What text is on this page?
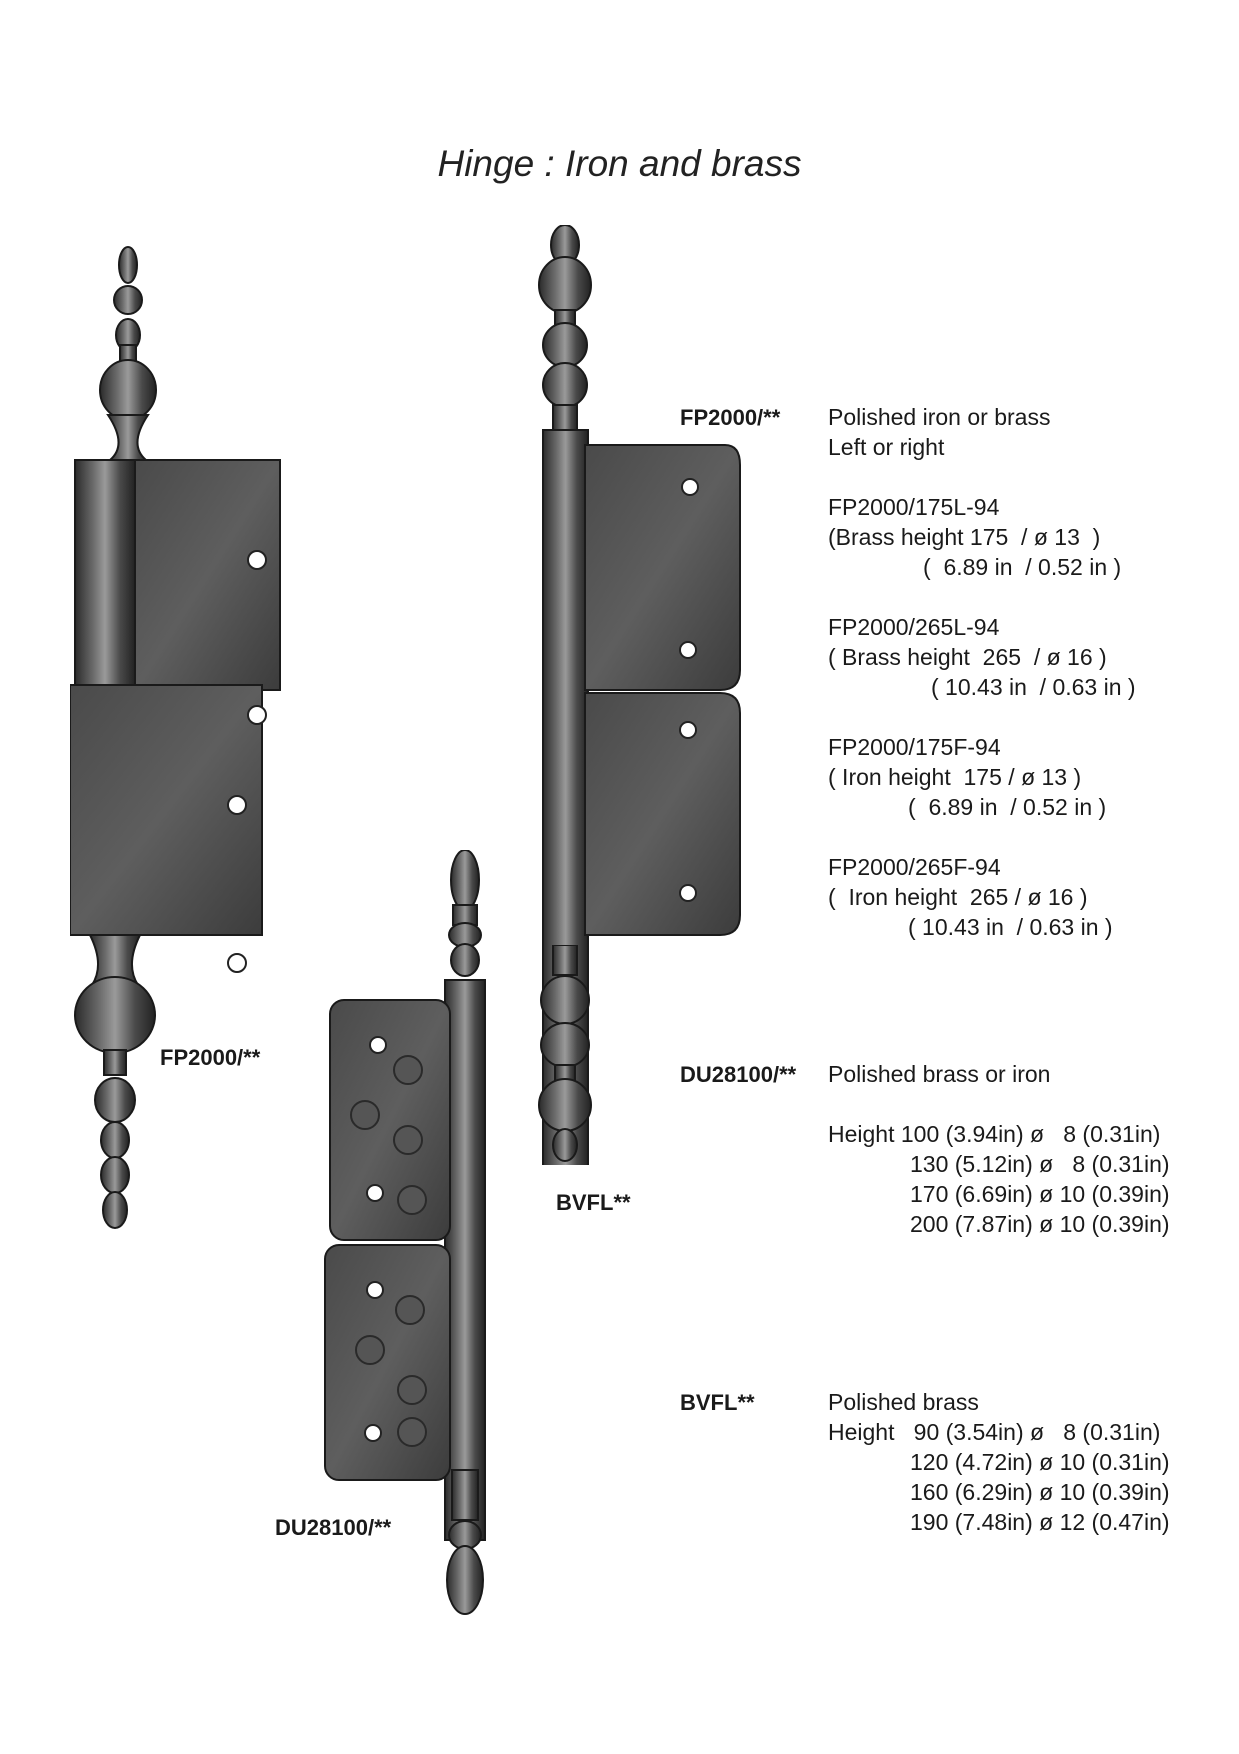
Hinge : Iron and brass
FP2000/**
DU28100/**
BVFL**
FP2000/** Polished iron or brass
Left or right
FP2000/175L-94
(Brass height 175  / ø 13  )
(  6.89 in  / 0.52 in )
FP2000/265L-94
( Brass height  265  / ø 16 )
( 10.43 in  / 0.63 in )
FP2000/175F-94
( Iron height  175 / ø 13 )
(  6.89 in  / 0.52 in )
FP2000/265F-94
(  Iron height  265 / ø 16 )
( 10.43 in  / 0.63 in )
DU28100/** Polished brass or iron
Height 100 (3.94in) ø   8 (0.31in)
130 (5.12in) ø   8 (0.31in)
170 (6.69in) ø 10 (0.39in)
200 (7.87in) ø 10 (0.39in)
BVFL**	Polished brass
Height   90 (3.54in) ø   8 (0.31in)
120 (4.72in) ø 10 (0.31in)
160 (6.29in) ø 10 (0.39in)
190 (7.48in) ø 12 (0.47in)
